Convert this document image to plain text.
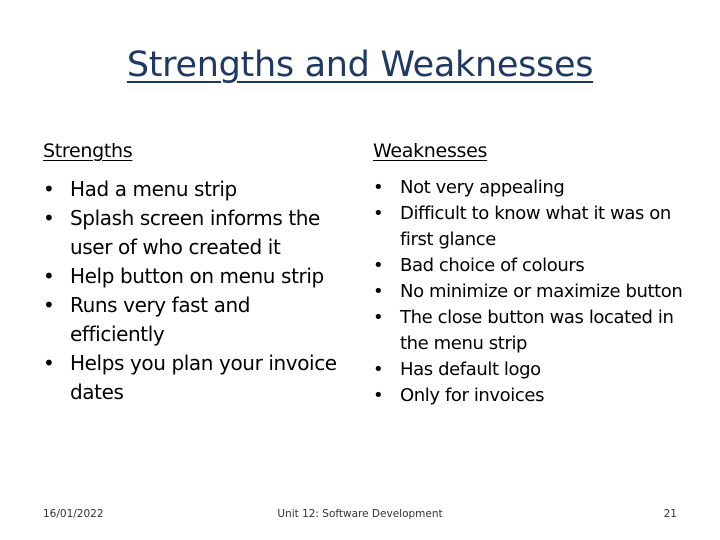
Strengths and Weaknesses
Strengths	Weaknesses
• Had a menu strip
• Splash screen informs the user of who created it
• Help button on menu strip
• Runs very fast and efficiently
• Helps you plan your invoice dates
• Not very appealing
• Difficult to know what it was on first glance
• Bad choice of colours
• No minimize or maximize button
• The close button was located in the menu strip
• Has default logo
• Only for invoices
16/01/2022	Unit 12: Software Development	21
